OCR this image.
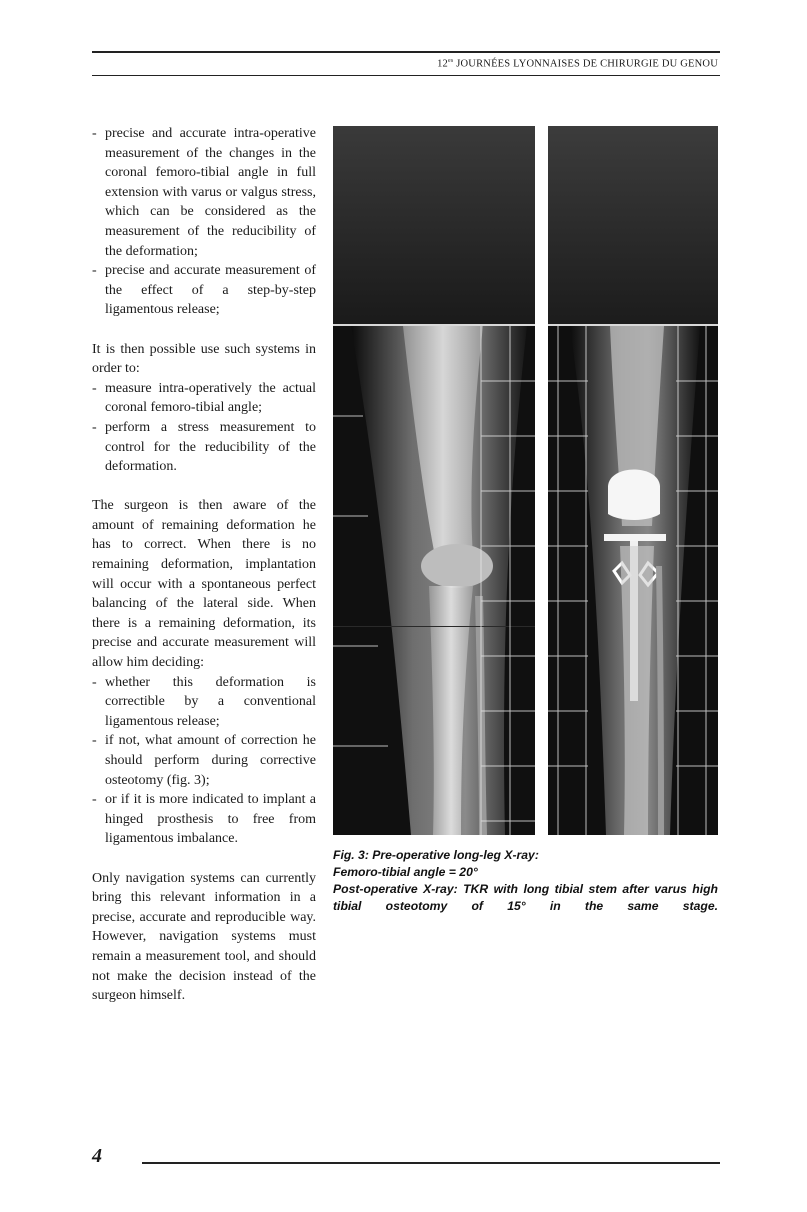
$12^{es}$ JOURNÉES LYONNAISES DE CHIRURGIE DU GENOU
- precise and accurate intra-operative measurement of the changes in the coronal femoro-tibial angle in full extension with varus or valgus stress, which can be considered as the measurement of the reducibility of the deformation;
- precise and accurate measurement of the effect of a step-by-step ligamentous release;

It is then possible use such systems in order to:

- measure intra-operatively the actual coronal femoro-tibial angle;
- perform a stress measurement to control for the reducibility of the deformation.

The surgeon is then aware of the amount of remaining deformation he has to correct. When there is no remaining deformation, implantation will occur with a spontaneous perfect balancing of the lateral side. When there is a remaining deformation, its precise and accurate measurement will allow him deciding:

- whether this deformation is correctible by a conventional ligamentous release;
- if not, what amount of correction he should perform during corrective osteotomy (fig. 3);
- or if it is more indicated to implant a hinged prosthesis to free from ligamentous imbalance.

Only navigation systems can currently bring this relevant information in a precise, accurate and reproducible way. However, navigation systems must remain a measurement tool, and should not make the decision instead of the surgeon himself.

Fig. 3: Pre-operative long-leg X-ray:
Femoro-tibial angle = 20°
Post-operative X-ray: TKR with long tibial stem after varus high tibial osteotomy of 15° in the same stage.
4
